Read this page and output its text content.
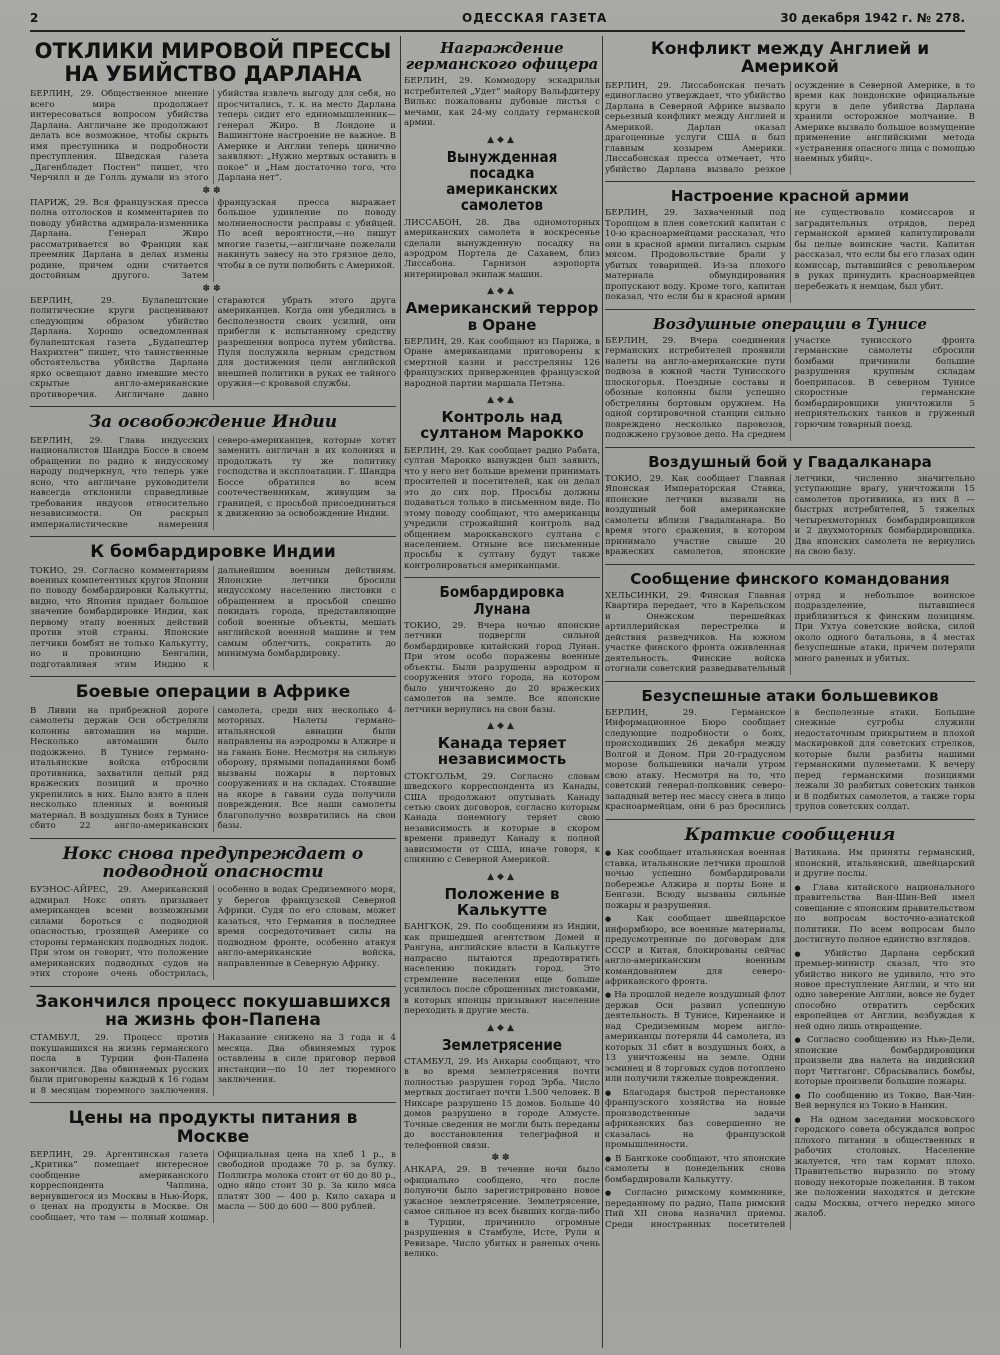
2	ОДЕССКАЯ ГАЗЕТА	30 декабря 1942 г. № 278.
ОТКЛИКИ МИРОВОЙ ПРЕССЫ НА УБИЙСТВО ДАРЛАНА

БЕРЛИН, 29. Общественное мнение всего мира продолжает интересоваться вопросом убийства Дарлана. Англичане же продолжают делать все возможное, чтобы скрыть имя преступника и подробности преступления. Шведская газета „Дагенбладет Постен“ пишет, что Черчилл и де Голль думали из этого убийства извлечь выгоду для себя, но просчитались, т. к. на место Дарлана теперь сидит его единомышленник—генерал Жиро. В Лондоне и Вашингтоне настроение не важное. В Америке и Англии теперь цинично заявляют: „Нужно мертвых оставить в покое“ и „Нам достаточно того, что Дарлана нет“.

✽✽

ПАРИЖ, 29. Вся французская пресса полна отголосков и комментариев по поводу убийства адмирала-изменника Дарлана. Генерал Жиро рассматривается во Франции как преемник Дарлана в делах измены родине, причем одни считается достойным другого. Затем французская пресса выражает большое удивление по поводу молниеносности расправы с убийцей. По всей вероятности,—но пишут многие газеты,—англичане пожелали накинуть завесу на это грязное дело, чтобы в се пути полюбить с Америкой.

✽✽

БЕРЛИН, 29. Булапештские политические круги расценивают следующим образом убийство Дарлана. Хорошо осведомленная булапештская газета „Будапештер Нахрихтен“ пишет, что таинственные обстоятельства убийства Дарлана ярко освещают давно имевшие место скрытые англо-американские противоречия. Англичане давно стараются убрать этого друга американцев. Когда они убедились в бесполезности своих усилий, они прибегли к испытанному средству разрешения вопроса путем убийства. Пуля послужила верным средством для достижения цели английской внешней политики в руках ее тайного оружия—с кровавой службы.

За освобождение Индии

БЕРЛИН, 29. Глава индусских националистов Шандра Боссе в своем обращении по радио к индусскому народу подчеркнул, что теперь уже ясно, что англичане руководители навсегда отклонили справедливые требования индусов относительно независимости. Он раскрыл империалистические намерения северо-американцев, которые хотят заменить англичан в их колониях и продолжать ту же политику господства и эксплоатации. Г. Шандра Боссе обратился во всем соотечественникам, живущим за границей, с просьбой присоединиться к движению за освобождение Индии.

К бомбардировке Индии

ТОКИО, 29. Согласно комментариям военных компетентных кругов Японии по поводу бомбардировки Калькутты, видно, что Япония придает большое значение бомбардировке Индии, как первому этапу военных действий против этой страны. Японские летчики бомбят не только Калькутту, но и провинцию Бенгалии, подготавливая этим Индию к дальнейшим военным действиям. Японские летчики бросили индусскому населению листовки с обращением и просьбой спешно покидать города, представляющие собой военные объекты, мешать английской военной машине и тем самым облегчить, сократить до минимума бомбардировку.

Боевые операции в Африке

В Ливии на прибрежной дороге самолеты держав Оси обстреляли колонны автомашин на марше. Несколько автомашин было подожжено. В Тунисе германо-итальянские войска отбросили противника, захватили целый ряд вражеских позиций и прочно укрепились в них. Было взято в плен несколько пленных и военный материал. В воздушных боях в Тунисе сбито 22 англо-американских самолета, среди них несколько 4-моторных. Налеты германо-итальянской авиации были направлены на аэродромы в Алжире и на гавань Боне. Несмотря на сильную оборону, прямыми попаданиями бомб вызваны пожары в портовых сооружениях и на складах. Стоявшие на якоре в гавани суда получили повреждения. Все наши самолеты благополучно возвратились на свои базы.

Нокс снова предупреждает о подводной опасности

БУЭНОС-АЙРЕС, 29. Американский адмирал Нокс опять призывает американцев всеми возможными силами бороться с подводной опасностью, грозящей Америке со стороны германских подводных лодок. При этом он говорит, что положение американских подводных судов на этих стороне очень обострилась, особенно в водах Средиземного моря, у берегов французской Северной Африки. Судя по его словам, может казаться, что Германия в последнее время сосредоточивает силы на подводном фронте, особенно атакуя англо-американские войска, направленные в Северную Африку.

Закончился процесс покушавшихся на жизнь фон-Папена

СТАМБУЛ, 29. Процесс против покушавшихся на жизнь германского посла в Турции фон-Папена закончился. Два обвиняемых русских были приговорены каждый к 16 годам и 8 месяцам тюремного заключения. Наказание снижено на 3 года и 4 месяца. Два обвиняемых турок оставлены в силе приговор первой инстанции—по 10 лет тюремного заключения.

Цены на продукты питания в Москве

БЕРЛИН, 29. Аргентинская газета „Критика“ помещает интересное сообщение американского корреспондента Чаплина, вернувшегося из Москвы в Нью-Йорк, о ценах на продукты в Москве. Он сообщает, что там — полный кошмар. Официальная цена на хлеб 1 р., в свободной продаже 70 р. за булку. Поллитра молока стоит от 60 до 80 р., одно яйцо стоит 30 р. За кило мяса платят 300 — 400 р. Кило сахара и масла — 500 до 600 — 800 рублей.

Награждение германского офицера

БЕРЛИН, 29. Коммодору эскадрильи истребителей „Удет“ майору Вальфдитеру Вилькс пожалованы дубовые листья с мечами, как 24-му солдату германской армии.

▲◆▲
Вынужденная посадка американских самолетов

ЛИССАБОН, 28. Два одномоторных американских самолета в воскресенье сделали вынужденную посадку на аэродром Портела де Сахавем, близ Лиссабона. Гарнизон аэропорта интернировал экипаж машин.

▲◆▲
Американский террор в Оране

БЕРЛИН, 29. Как сообщают из Парижа, в Оране американцами приговорены к смертной казни и расстреляны 126 французских приверженцев французской народной партии маршала Петэна.

▲◆▲
Контроль над султаном Марокко

БЕРЛИН, 29. Как сообщает радио Рабата, султан Марокко вынужден был заявить, что у него нет больше времени принимать просителей и посетителей, как он делал это до сих пор. Просьбы должны подаваться только в письменном виде. По этому поводу сообщают, что американцы учредили строжайший контроль над общением марокканского султана с населением. Отныне все письменные просьбы к султану будут также контролироваться американцами.

Бомбардировка Лунана

ТОКИО, 29. Вчера ночью японские летчики подвергли сильной бомбардировке китайский город Лунан. При этом особо поражены военные объекты. Были разрушены аэродром и сооружения этого города, на котором было уничтожено до 20 вражеских самолетов на земле. Все японские летчики вернулись на свои базы.

▲◆▲
Канада теряет независимость

СТОКГОЛЬМ, 29. Согласно словам шведского корреспондента из Канады, США продолжают опутывать Канаду сетью своих договоров, согласно которым Канада понемногу теряет свою независимость и которые в скором времени приведут Канаду к полной зависимости от США, иначе говоря, к слиянию с Северной Америкой.

▲◆▲
Положение в Калькутте

БАНГКОК, 29. По сообщениям из Индии, как пришедшей агентством Домей и Рангуна, английские власти в Калькутте напрасно пытаются предотвратить населению покидать город. Это стремление населения еще больше усилилось после сброшенных листовками, в которых японцы призывают население переходить в другие места.

▲◆▲
Землетрясение

СТАМБУЛ, 29. Из Анкары сообщают, что в во время землетрясения почти полностью разрушен город Эрба. Число мертвых достигает почти 1.500 человек. В Никсаре разрушено 15 домов. Больше 40 домов разрушено в городе Алмусте. Точные сведения не могли быть переданы до восстановления телеграфной и телефонной связи.

✽✽

АНКАРА, 29. В течение ночи было официально сообщено, что после полуночи было зарегистрировано новое ужасное землетрясение. Землетрясение, самое сильное из всех бывших когда-либо в Турции, причинило огромные разрушения в Стамбуле, Исте, Рули и Ревизаре. Число убитых и раненых очень велико.

Конфликт между Англией и Америкой

БЕРЛИН, 29. Лиссабонская печать единогласно утверждает, что убийство Дарлана в Северной Африке вызвало серьезный конфликт между Англией и Америкой. Дарлан оказал драгоценные услуги США и был главным козырем Америки. Лиссабонская пресса отмечает, что убийство Дарлана вызвало резкое осуждение в Северной Америке, в то время как лондонские официальные круги в деле убийства Дарлана хранили осторожное молчание. В Америке вызвало большое возмущение применение английскими метода «устранения опасного лица с помощью наемных убийц».

Настроение красной армии

БЕРЛИН, 29. Захваченный под Торопцом в плен советский капитан с 10-ю красноармейцами рассказал, что они в красной армии питались сырым мясом. Продовольствие брали у убитых товарищей. Из-за плохого материала обмундирования пропускают воду. Кроме того, капитан показал, что если бы в красной армии не существовало комиссаров и заградительных отрядов, перед германской армией капитулировали бы целые воинские части. Капитан рассказал, что если бы его глазах один комиссар, пытавшийся с револьвером в руках принудить красноармейцев перебежать к немцам, был убит.

Воздушные операции в Тунисе

БЕРЛИН, 29. Вчера соединения германских истребителей проявили налеты на англо-американские пути подвоза в южной части Тунисского плоскогорья. Поездные составы и обозные колонны были успешно обстреляны бортовым оружием. На одной сортировочной станции сильно повреждено несколько паровозов, подожжено грузовое депо. На среднем участке тунисского фронта германские самолеты сбросили бомбами причинили большие разрушения крупным складам боеприпасов. В северном Тунисе скоростные германские бомбардировщики уничтожили 5 неприятельских танков и груженый горючим товарный поезд.

Воздушный бой у Гвадалканара

ТОКИО, 29. Как сообщает Главная Японская Императорская Ставка, японские летчики вызвали на воздушный бой американские самолеты вблизи Гвадалканара. Во время этого сражения, в котором принимало участие свыше 20 вражеских самолетов, японские летчики, численно значительно уступающие врагу, уничтожили 15 самолетов противника, из них 8 — быстрых истребителей, 5 тяжелых четырехмоторных бомбардировщиков и 2 двухмоторных бомбардировщика. Два японских самолета не вернулись на свою базу.

Сообщение финского командования

ХЕЛЬСИНКИ, 29. Финская Главная Квартира передает, что в Карельском и Онежском перешейках артиллерийская перестрелка и действия разведчиков. На южном участке финского фронта оживленная деятельность. Финские войска отогнали советский разведывательный отряд и небольшое воинское подразделение, пытавшиеся приблизиться к финским позициям. При Ухтуа советские войска, силой около одного батальона, в 4 местах безуспешные атаки, причем потеряли много раненых и убитых.

Безуспешные атаки большевиков

БЕРЛИН, 29. Германское Информационное Бюро сообщает следующие подробности о боях, происходивших 26 декабря между Волгой и Доном. При 20-градусном морозе большевики начали утром свою атаку. Несмотря на то, что советский генерал-полковник северо-западный ветер нес массу снега в лицо красноармейцам, они 6 раз бросились в бесполезные атаки. Большие снежные сугробы служили недостаточным прикрытием и плохой маскировкой для советских стрелков, которые были разбиты нашими германскими пулеметами. К вечеру перед германскими позициями лежали 30 разбитых советских танков и 8 подбитых самолетов, а также горы трупов советских солдат.

Краткие сообщения

● Как сообщает итальянская военная ставка, итальянские летчики прошлой ночью успешно бомбардировали побережье Алжира и порты Боне и Бенгази. Всюду вызваны сильные пожары и разрушения.

● Как сообщает швейцарское информбюро, все военные материалы, предусмотренные по договорам для СССР и Китая, блокированы сейчас англо-американским военным командованием для северо-африканского фронта.

● На прошлой неделе воздушный флот держав Оси развил успешную деятельность. В Тунисе, Киренаике и над Средиземным морем англо-американцы потеряли 44 самолета, из которых 31 сбит в воздушных боях, а 13 уничтожены на земле. Одни эсминец и 8 торговых судов потоплено или получили тяжелые повреждения.

● Благодаря быстрой перестановке французского хозяйства на новые производственные задачи африканских баз совершенно не сказалась на французской промышленности.

● В Бангкоке сообщают, что японские самолеты в понедельник снова бомбардировали Калькутту.

● Согласно римскому коммюнике, переданному по радио, Папа римский Пий XII снова назначил приемы. Среди иностранных посетителей Ватикана. Им приняты германский, японский, итальянский, швейцарский и другие послы.

● Глава китайского национального правительства Ван-Шин-Вей имел совещание с японским правительством по вопросам восточно-азиатской политики. По всем вопросам было достигнуто полное единство взглядов.

● Убийство Дарлана сербский премьер-министр сказал, что это убийство никого не удивило, что это новое преступление Англии, и что ни одно заверение Англии, вовсе не будет способно отвратить сербских европейцев от Англии, возбуждая к ней одно лишь отвращение.

● Согласно сообщению из Нью-Дели, японские бомбардировщики произвели два налета на индийский порт Читтагонг. Сбрасывались бомбы, которые произвели большие пожары.

● По сообщению из Токио, Ван-Чин-Вей вернулся из Токио в Нанкин.

● На одном заседании московского городского совета обсуждался вопрос плохого питания в общественных и рабочих столовых. Население жалуется, что там кормят плохо. Правительство выразило по этому поводу некоторые пожелания. В таком же положении находятся и детские сады Москвы, отчего нередко много жалоб.
